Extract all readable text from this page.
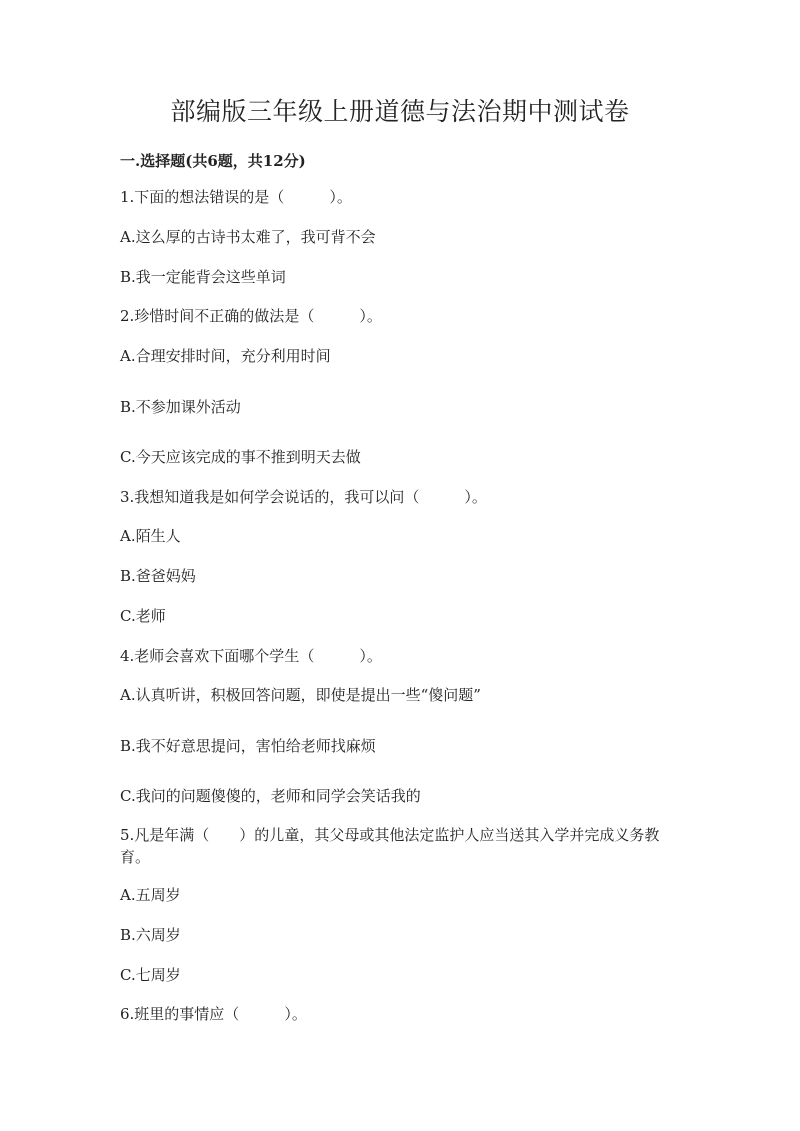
部编版三年级上册道德与法治期中测试卷

一.选择题(共6题，共12分)

1.下面的想法错误的是（　　　）。

A.这么厚的古诗书太难了，我可背不会

B.我一定能背会这些单词

2.珍惜时间不正确的做法是（　　　）。

A.合理安排时间，充分利用时间

B.不参加课外活动

C.今天应该完成的事不推到明天去做

3.我想知道我是如何学会说话的，我可以问（　　　）。

A.陌生人

B.爸爸妈妈

C.老师

4.老师会喜欢下面哪个学生（　　　）。

A.认真听讲，积极回答问题，即使是提出一些“傻问题”

B.我不好意思提问，害怕给老师找麻烦

C.我问的问题傻傻的，老师和同学会笑话我的

5.凡是年满（　　）的儿童，其父母或其他法定监护人应当送其入学并完成义务教育。

A.五周岁

B.六周岁

C.七周岁

6.班里的事情应（　　　）。
